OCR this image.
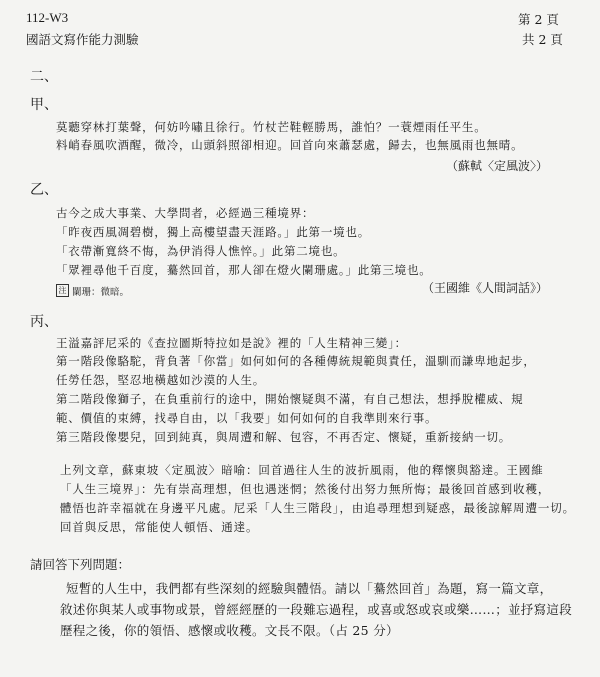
112-W3
國語文寫作能力測驗
第 2 頁
共 2 頁
二、
甲、
莫聽穿林打葉聲，何妨吟嘯且徐行。竹杖芒鞋輕勝馬，誰怕？一蓑煙雨任平生。
料峭春風吹酒醒，微冷，山頭斜照卻相迎。回首向來蕭瑟處，歸去，也無風雨也無晴。
（蘇軾〈定風波〉）
乙、
古今之成大事業、大學問者，必經過三種境界：
「昨夜西風凋碧樹，獨上高樓望盡天涯路。」此第一境也。
「衣帶漸寬終不悔，為伊消得人憔悴。」此第二境也。
「眾裡尋他千百度，驀然回首，那人卻在燈火闌珊處。」此第三境也。
注 闌珊：微暗。	（王國維《人間詞話》）
丙、
王溢嘉評尼采的《查拉圖斯特拉如是說》裡的「人生精神三變」：
第一階段像駱駝，背負著「你當」如何如何的各種傳統規範與責任，溫馴而謙卑地起步，
任勞任怨，堅忍地橫越如沙漠的人生。
第二階段像獅子，在負重前行的途中，開始懷疑與不滿，有自己想法，想掙脫權威、規
範、價值的束縛，找尋自由，以「我要」如何如何的自我準則來行事。
第三階段像嬰兒，回到純真，與周遭和解、包容，不再否定、懷疑，重新接納一切。
上列文章，蘇東坡〈定風波〉暗喻：回首過往人生的波折風雨，他的釋懷與豁達。王國維
「人生三境界」：先有崇高理想，但也遇迷惘；然後付出努力無所悔；最後回首感到收穫，
體悟也許幸福就在身邊平凡處。尼采「人生三階段」，由追尋理想到疑惑，最後諒解周遭一切。
回首與反思，常能使人頓悟、通達。
請回答下列問題：
短暫的人生中，我們都有些深刻的經驗與體悟。請以「驀然回首」為題，寫一篇文章，
敘述你與某人或事物或景，曾經經歷的一段難忘過程，或喜或怒或哀或樂……；並抒寫這段
歷程之後，你的領悟、感懷或收穫。文長不限。（占 25 分）
